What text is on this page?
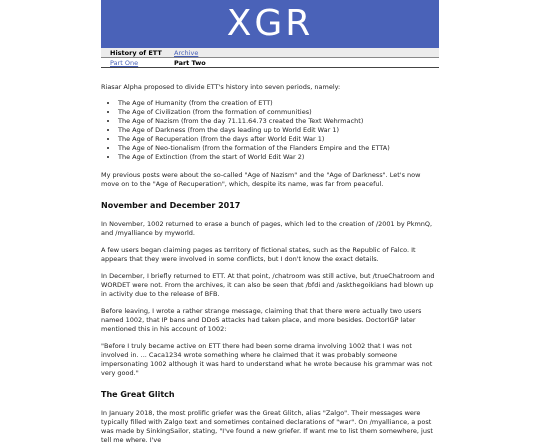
XGR
History of ETT	Archive
Part One	Part Two

Riasar Alpha proposed to divide ETT's history into seven periods, namely:

• The Age of Humanity (from the creation of ETT)
• The Age of Civilization (from the formation of communities)
• The Age of Nazism (from the day 71.11.64.73 created the Text Wehrmacht)
• The Age of Darkness (from the days leading up to World Edit War 1)
• The Age of Recuperation (from the days after World Edit War 1)
• The Age of Neo-tionalism (from the formation of the Flanders Empire and the ETTA)
• The Age of Extinction (from the start of World Edit War 2)

My previous posts were about the so-called "Age of Nazism" and the "Age of Darkness". Let's now move on to the "Age of Recuperation", which, despite its name, was far from peaceful.

November and December 2017

In November, 1002 returned to erase a bunch of pages, which led to the creation of /2001 by PkmnQ, and /myalliance by myworld.

A few users began claiming pages as territory of fictional states, such as the Republic of Falco. It appears that they were involved in some conflicts, but I don't know the exact details.

In December, I briefly returned to ETT. At that point, /chatroom was still active, but /trueChatroom and WORDET were not. From the archives, it can also be seen that /bfdi and /askthegoikians had blown up in activity due to the release of BFB.

Before leaving, I wrote a rather strange message, claiming that that there were actually two users named 1002, that IP bans and DDoS attacks had taken place, and more besides. DoctorIGP later mentioned this in his account of 1002:

"Before I truly became active on ETT there had been some drama involving 1002 that I was not involved in. ... Caca1234 wrote something where he claimed that it was probably someone impersonating 1002 although it was hard to understand what he wrote because his grammar was not very good."

The Great Glitch

In January 2018, the most prolific griefer was the Great Glitch, alias "Zalgo". Their messages were typically filled with Zalgo text and sometimes contained declarations of "war". On /myalliance, a post was made by SinkingSailor, stating, "I've found a new griefer. If want me to list them somewhere, just tell me where. I've
